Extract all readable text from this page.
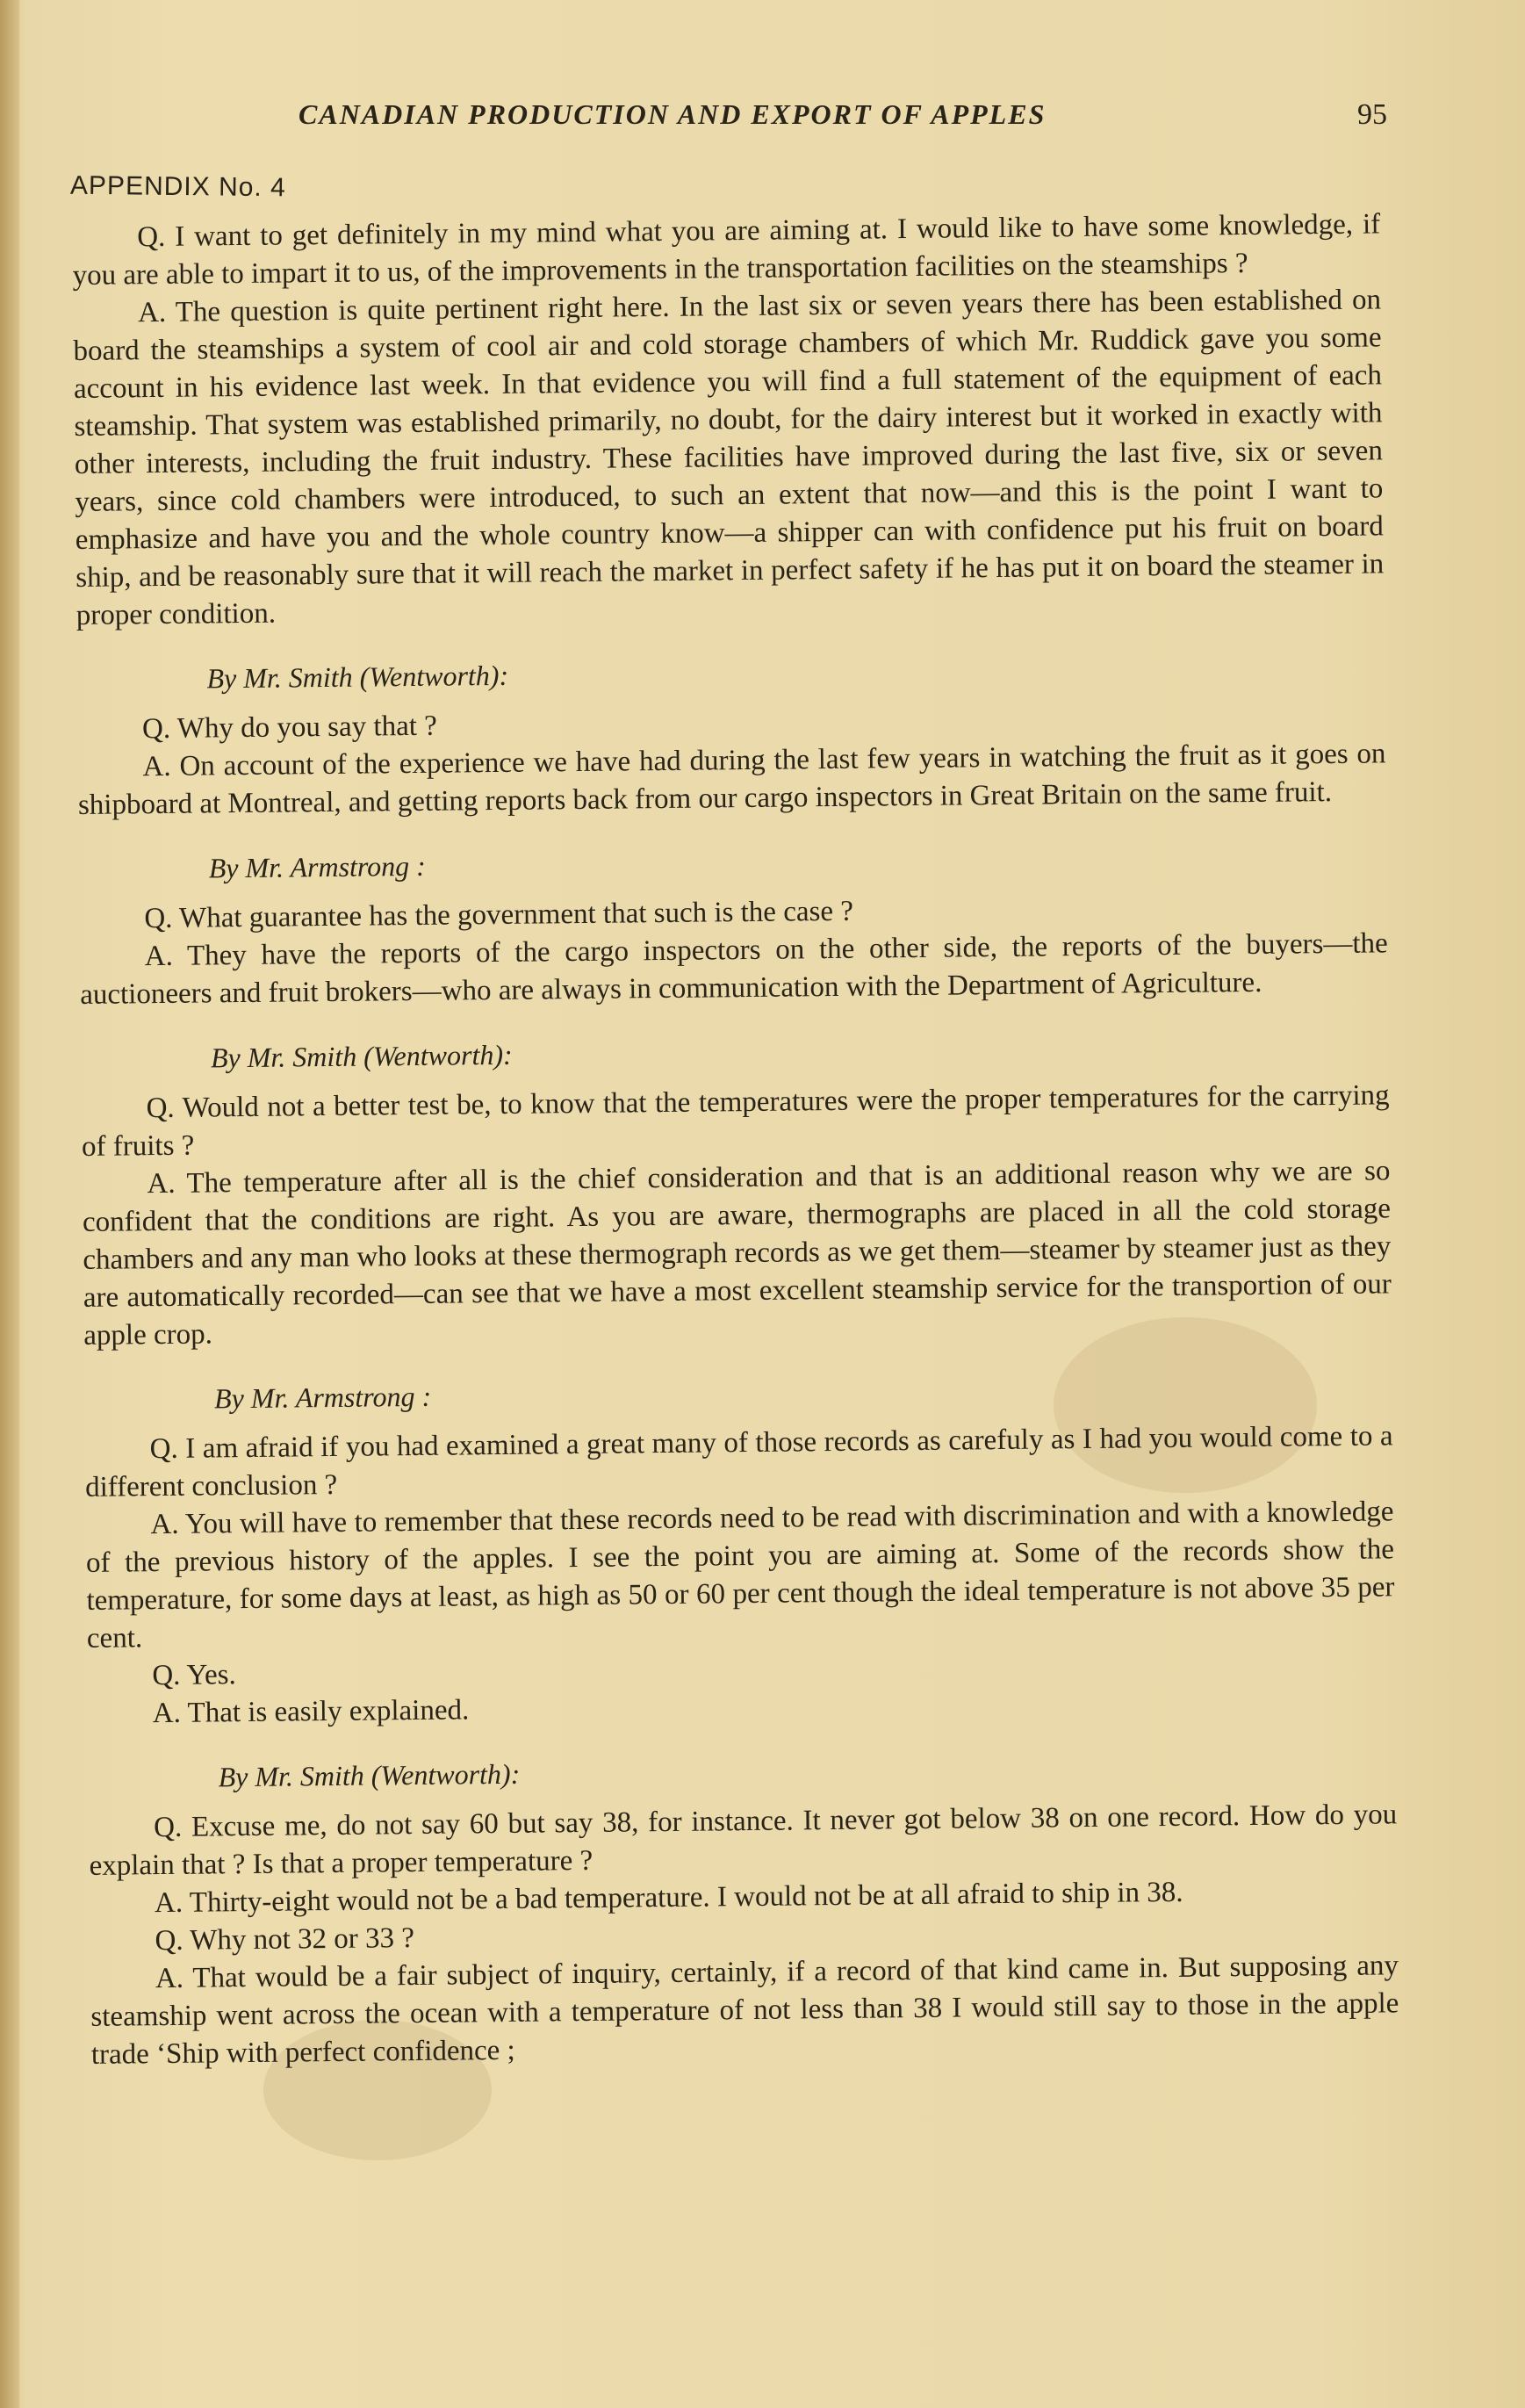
CANADIAN PRODUCTION AND EXPORT OF APPLES	95
APPENDIX No. 4

Q. I want to get definitely in my mind what you are aiming at. I would like to have some knowledge, if you are able to impart it to us, of the improvements in the transportation facilities on the steamships ?

A. The question is quite pertinent right here. In the last six or seven years there has been established on board the steamships a system of cool air and cold storage chambers of which Mr. Ruddick gave you some account in his evidence last week. In that evidence you will find a full statement of the equipment of each steamship. That system was established primarily, no doubt, for the dairy interest but it worked in exactly with other interests, including the fruit industry. These facilities have improved during the last five, six or seven years, since cold chambers were introduced, to such an extent that now—and this is the point I want to emphasize and have you and the whole country know—a shipper can with confidence put his fruit on board ship, and be reasonably sure that it will reach the market in perfect safety if he has put it on board the steamer in proper condition.

By Mr. Smith (Wentworth):

Q. Why do you say that ?

A. On account of the experience we have had during the last few years in watching the fruit as it goes on shipboard at Montreal, and getting reports back from our cargo inspectors in Great Britain on the same fruit.

By Mr. Armstrong :

Q. What guarantee has the government that such is the case ?

A. They have the reports of the cargo inspectors on the other side, the reports of the buyers—the auctioneers and fruit brokers—who are always in communication with the Department of Agriculture.

By Mr. Smith (Wentworth):

Q. Would not a better test be, to know that the temperatures were the proper temperatures for the carrying of fruits ?

A. The temperature after all is the chief consideration and that is an additional reason why we are so confident that the conditions are right. As you are aware, thermographs are placed in all the cold storage chambers and any man who looks at these thermograph records as we get them—steamer by steamer just as they are automatically recorded—can see that we have a most excellent steamship service for the transportion of our apple crop.

By Mr. Armstrong :

Q. I am afraid if you had examined a great many of those records as carefuly as I had you would come to a different conclusion ?

A. You will have to remember that these records need to be read with discrimination and with a knowledge of the previous history of the apples. I see the point you are aiming at. Some of the records show the temperature, for some days at least, as high as 50 or 60 per cent though the ideal temperature is not above 35 per cent.

Q. Yes.

A. That is easily explained.

By Mr. Smith (Wentworth):

Q. Excuse me, do not say 60 but say 38, for instance. It never got below 38 on one record. How do you explain that ? Is that a proper temperature ?

A. Thirty-eight would not be a bad temperature. I would not be at all afraid to ship in 38.

Q. Why not 32 or 33 ?

A. That would be a fair subject of inquiry, certainly, if a record of that kind came in. But supposing any steamship went across the ocean with a temperature of not less than 38 I would still say to those in the apple trade ‘Ship with perfect confidence ;
